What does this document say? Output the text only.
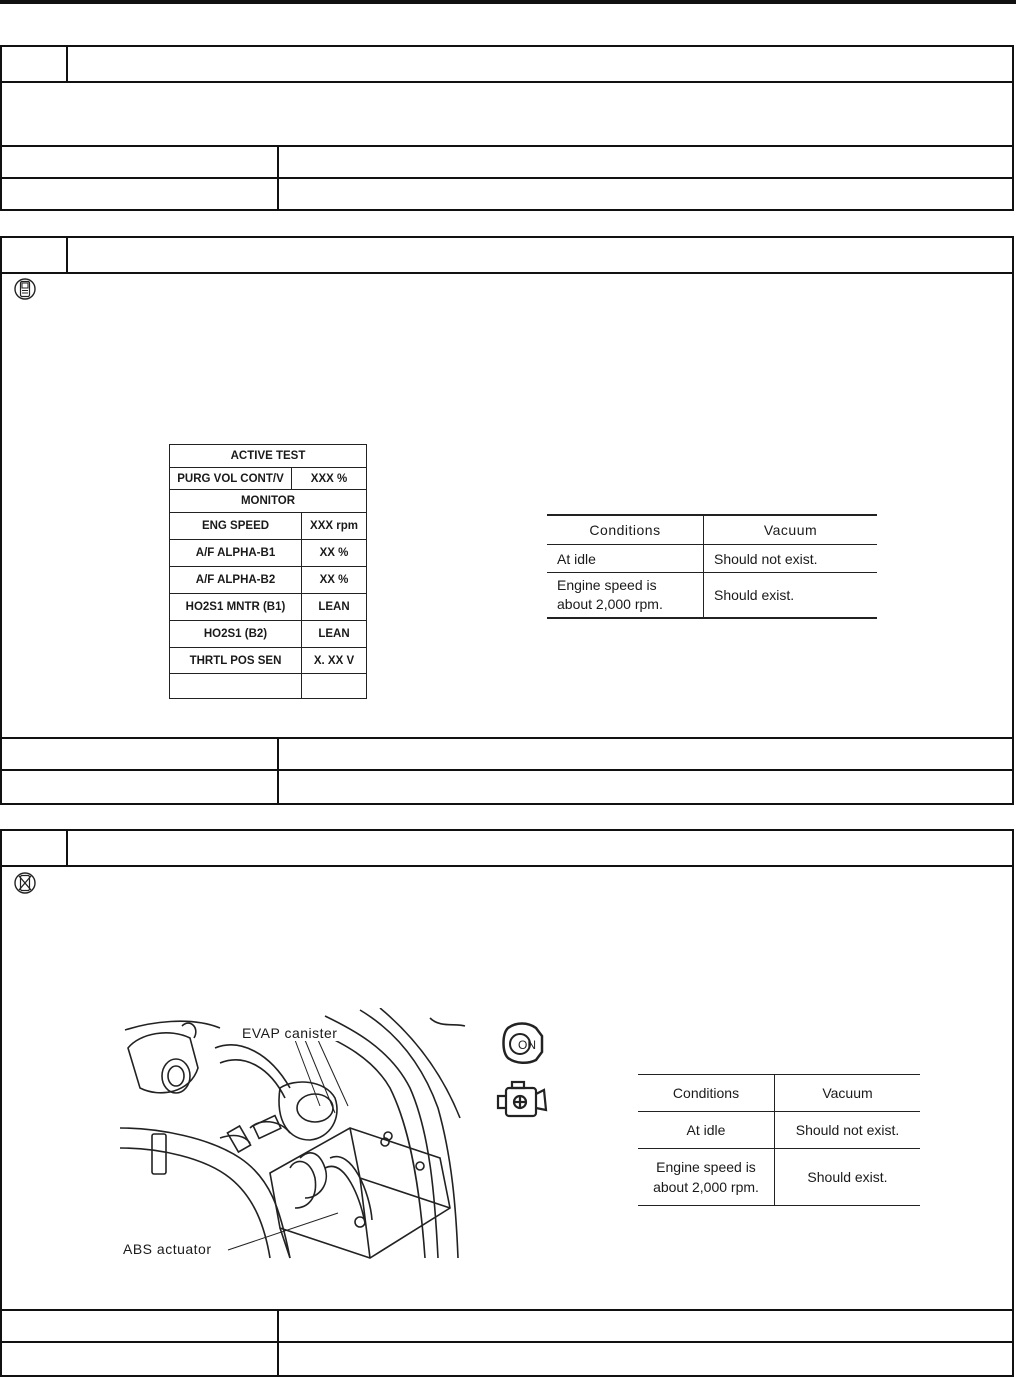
ACTIVE TEST
PURG VOL CONT/V XXX %
MONITOR
ENG SPEED	XXX rpm
A/F ALPHA-B1	XX %
A/F ALPHA-B2	XX %
HO2S1 MNTR (B1)	LEAN
HO2S1 (B2)	LEAN
THRTL POS SEN	X. XX V
Conditions	Vacuum
At idle	Should not exist.
Engine speed is about 2,000 rpm.	Should exist.
EVAP canister
ABS actuator
ON
Conditions	Vacuum
At idle	Should not exist.
Engine speed is about 2,000 rpm.	Should exist.
